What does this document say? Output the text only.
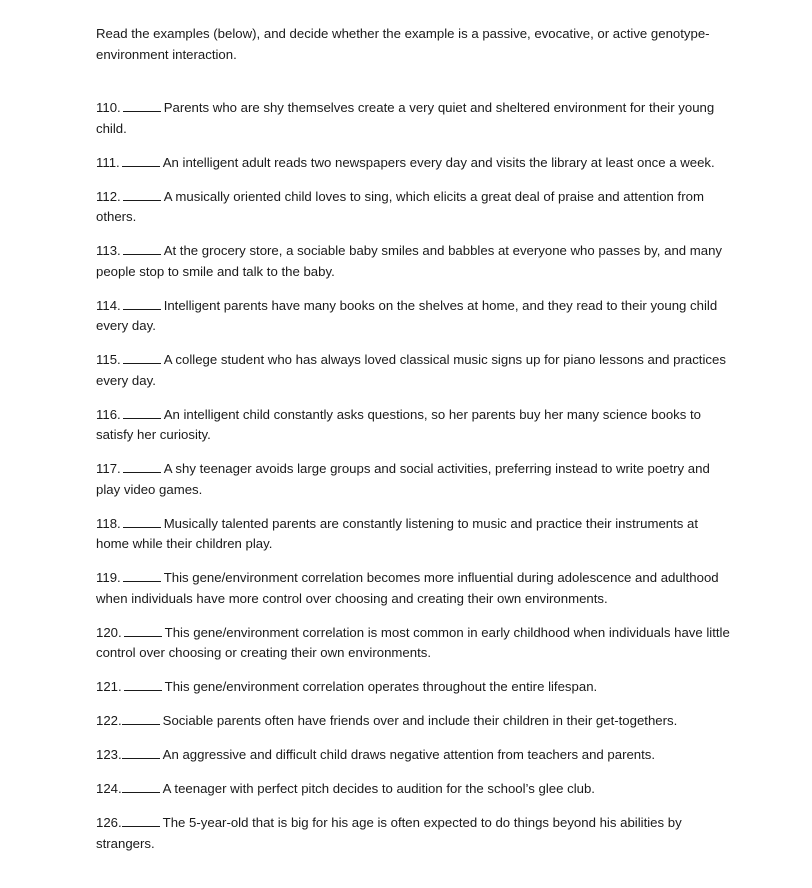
Read the examples (below), and decide whether the example is a passive, evocative, or active genotype-environment interaction.

110.	Parents who are shy themselves create a very quiet and sheltered environment for their young child.

111.	An intelligent adult reads two newspapers every day and visits the library at least once a week.

112.	A musically oriented child loves to sing, which elicits a great deal of praise and attention from others.

113.	At the grocery store, a sociable baby smiles and babbles at everyone who passes by, and many people stop to smile and talk to the baby.

114.	Intelligent parents have many books on the shelves at home, and they read to their young child every day.

115.	A college student who has always loved classical music signs up for piano lessons and practices every day.

116.	An intelligent child constantly asks questions, so her parents buy her many science books to satisfy her curiosity.

117.	A shy teenager avoids large groups and social activities, preferring instead to write poetry and play video games.

118.	Musically talented parents are constantly listening to music and practice their instruments at home while their children play.

119.	This gene/environment correlation becomes more influential during adolescence and adulthood when individuals have more control over choosing and creating their own environments.

120.	This gene/environment correlation is most common in early childhood when individuals have little control over choosing or creating their own environments.

121.	This gene/environment correlation operates throughout the entire lifespan.

122.	Sociable parents often have friends over and include their children in their get-togethers.

123.	An aggressive and difficult child draws negative attention from teachers and parents.

124.	A teenager with perfect pitch decides to audition for the school’s glee club.

126.	The 5-year-old that is big for his age is often expected to do things beyond his abilities by strangers.
